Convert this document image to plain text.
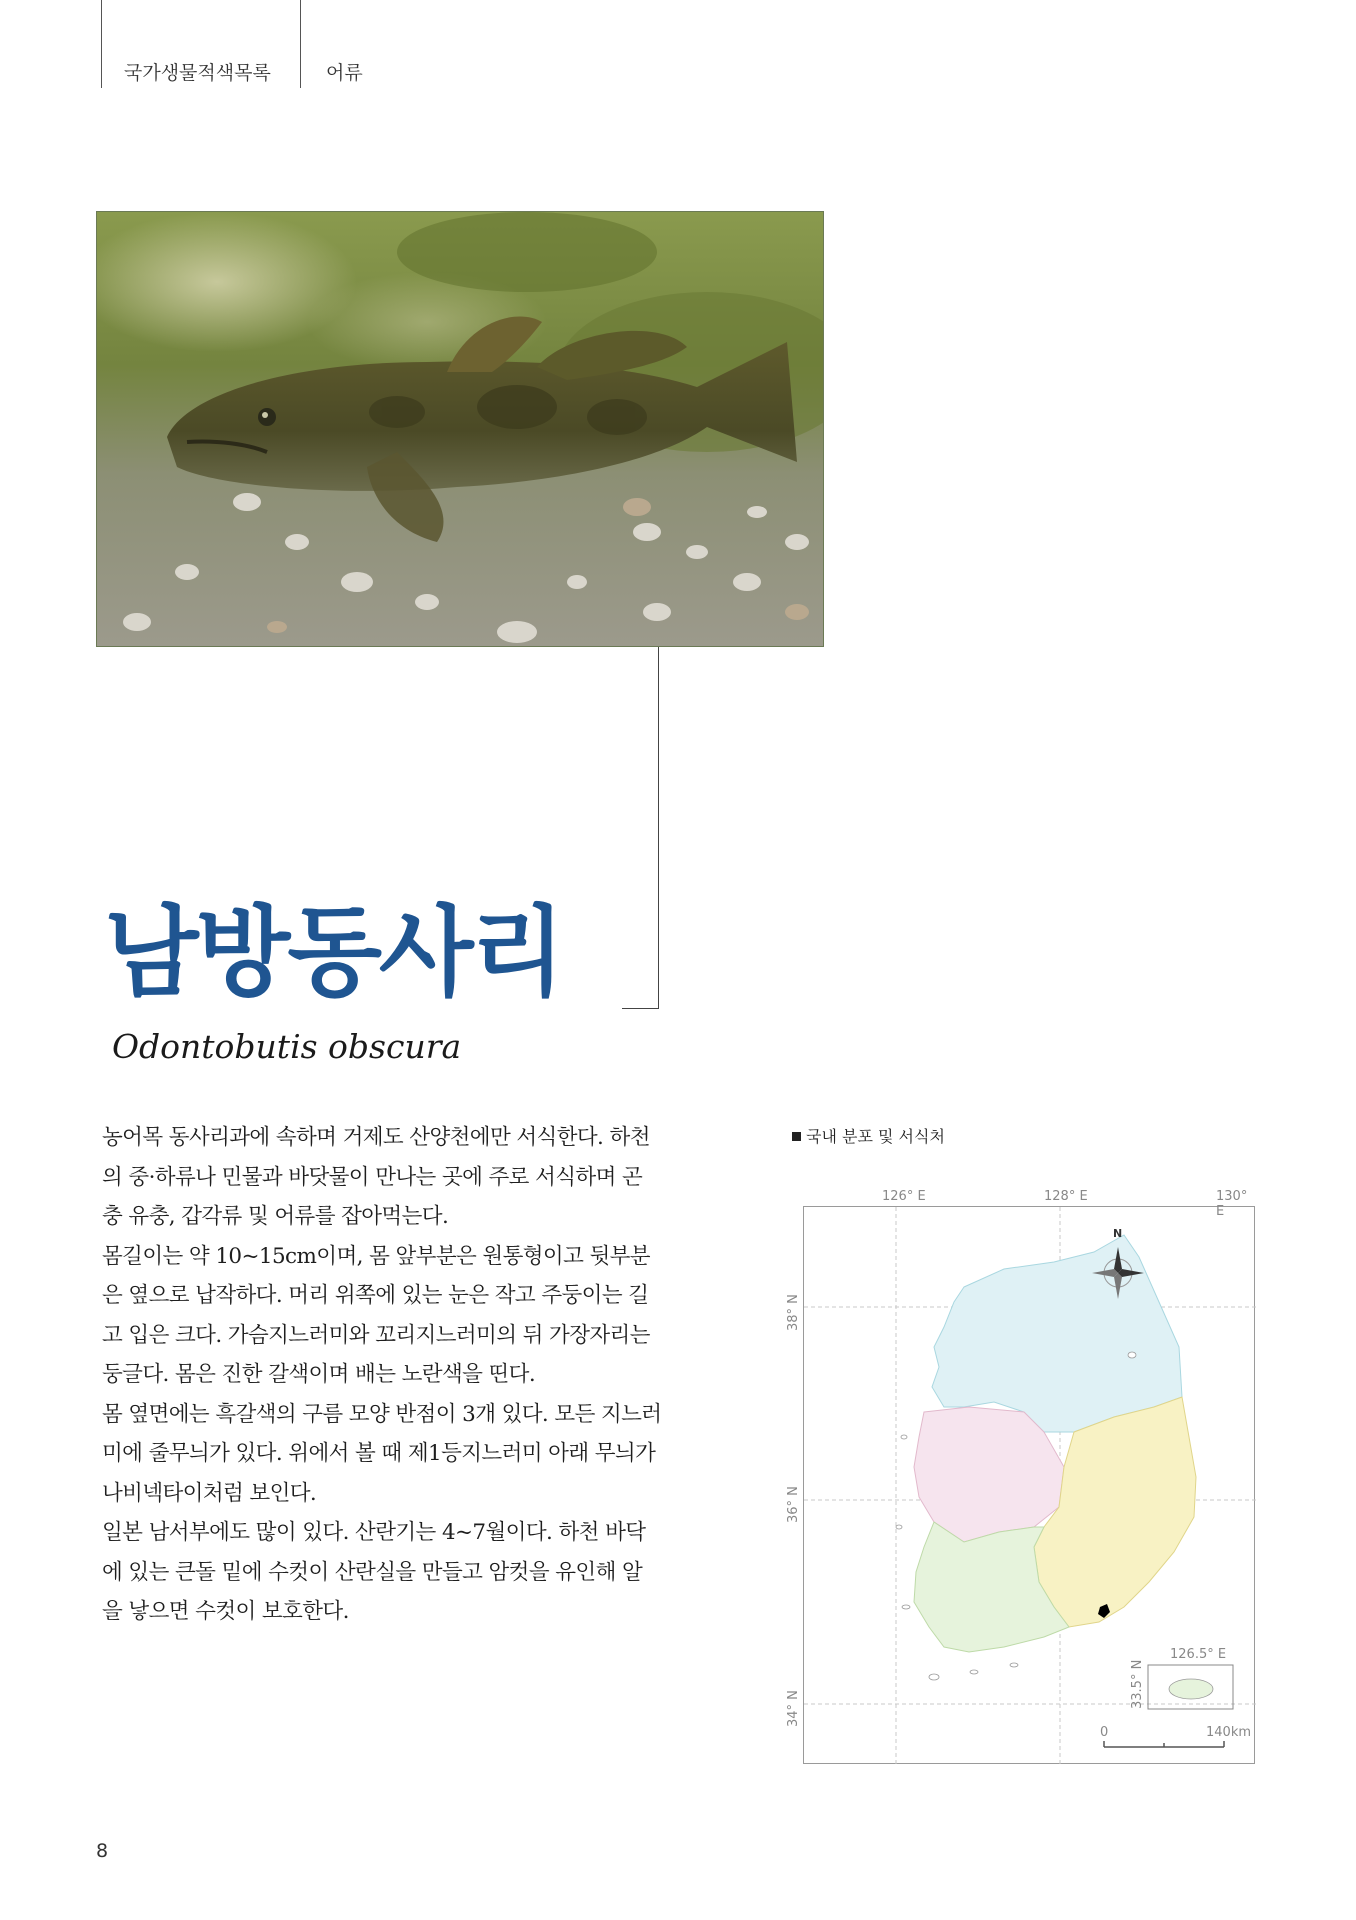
국가생물적색목록	어류
남방동사리
Odontobutis obscura

농어목 동사리과에 속하며 거제도 산양천에만 서식한다. 하천의 중·하류나 민물과 바닷물이 만나는 곳에 주로 서식하며 곤충 유충, 갑각류 및 어류를 잡아먹는다.

몸길이는 약 10~15cm이며, 몸 앞부분은 원통형이고 뒷부분은 옆으로 납작하다. 머리 위쪽에 있는 눈은 작고 주둥이는 길고 입은 크다. 가슴지느러미와 꼬리지느러미의 뒤 가장자리는 둥글다. 몸은 진한 갈색이며 배는 노란색을 띤다.

몸 옆면에는 흑갈색의 구름 모양 반점이 3개 있다. 모든 지느러미에 줄무늬가 있다. 위에서 볼 때 제1등지느러미 아래 무늬가 나비넥타이처럼 보인다.

일본 남서부에도 많이 있다. 산란기는 4~7월이다. 하천 바닥에 있는 큰돌 밑에 수컷이 산란실을 만들고 암컷을 유인해 알을 낳으면 수컷이 보호한다.

국내 분포 및 서식처
126° E	128° E	130° E
38° N
36° N
34° N
N
126.5° E
33.5° N
0	140km
8
